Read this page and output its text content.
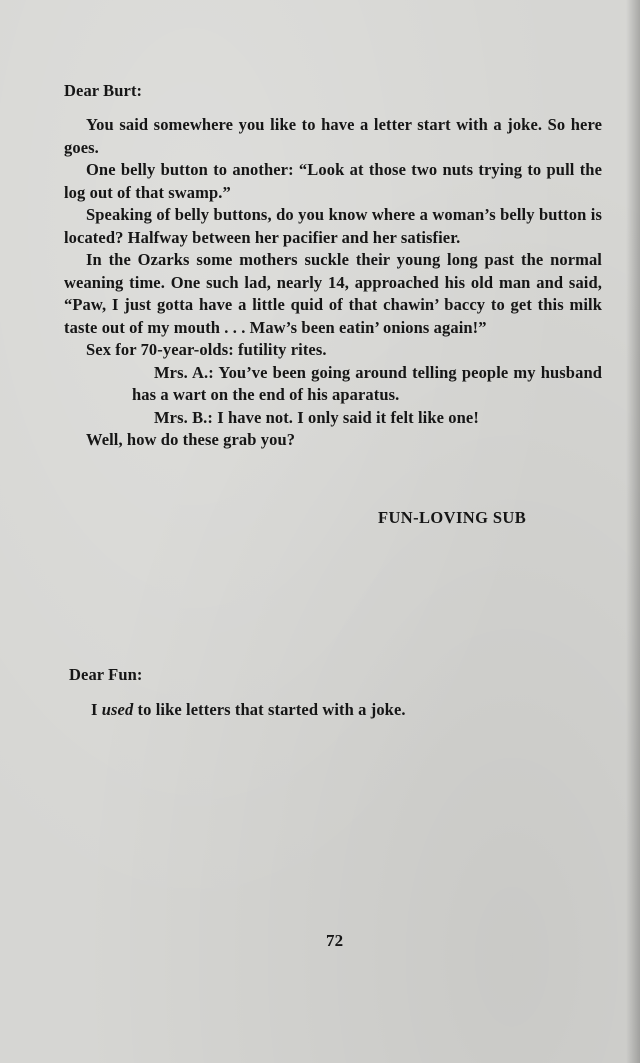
Dear Burt:

You said somewhere you like to have a letter start with a joke. So here goes.

One belly button to another: “Look at those two nuts trying to pull the log out of that swamp.”

Speaking of belly buttons, do you know where a woman’s belly button is located? Halfway between her pacifier and her satisfier.

In the Ozarks some mothers suckle their young long past the normal weaning time. One such lad, nearly 14, approached his old man and said, “Paw, I just gotta have a little quid of that chawin’ baccy to get this milk taste out of my mouth . . . Maw’s been eatin’ onions again!”

Sex for 70-year-olds: futility rites.

Mrs. A.: You’ve been going around telling people my husband has a wart on the end of his aparatus.

Mrs. B.: I have not. I only said it felt like one!

Well, how do these grab you?

FUN-LOVING SUB
Dear Fun:
I used to like letters that started with a joke.
72
